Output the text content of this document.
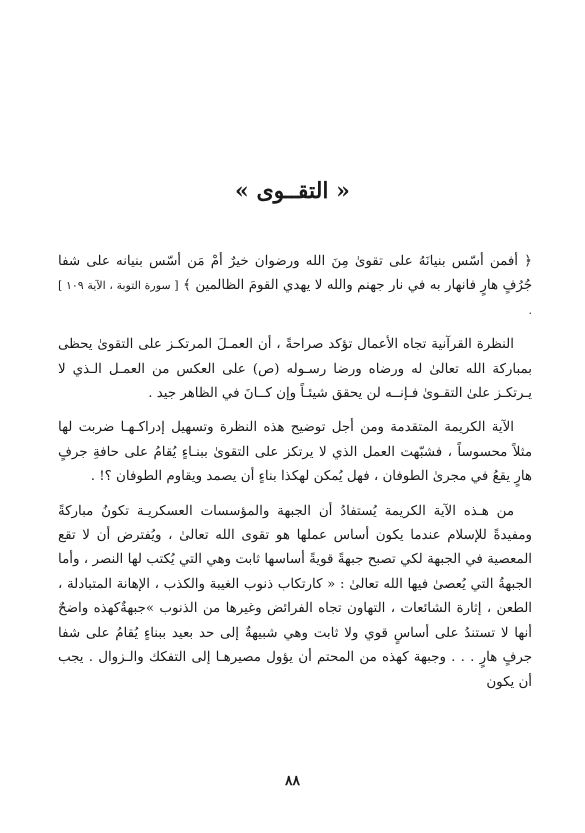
« التقــوى »

﴿ أفمن أسّس بنيانَهُ على تقوىٰ مِنَ الله ورضوان خيرٌ أمْ مَن أسّس بنيانه على شفا جُرُفٍ هارٍ فانهار به في نار جهنم والله لا يهدي القومَ الظالمين ﴾ [ سورة التوبة ، الآية ١٠٩ ] .

النظرة القرآنية تجاه الأعمال تؤكد صراحةً ، أن العمـلَ المرتكـز على التقوىٰ يحظى بمباركة الله تعالىٰ له ورضاه ورضا رسـوله (ص) على العكس من العمـل الـذي لا يـرتكـز علىٰ التقـوىٰ فـإنــه لن يحقق شيئـاً وإن كــانَ في الظاهر جيد .

الآية الكريمة المتقدمة ومن أجل توضيح هذه النظرة وتسهيل إدراكـهـا ضربت لها مثلاً محسوساً ، فشبّهت العمل الذي لا يرتكز على التقوىٰ ببنـاءٍ يُقامُ على حافةِ جرفٍ هارٍ يقعُ في مجرىٰ الطوفان ، فهل يُمكن لهكذا بناءٍ أن يصمد ويقاوم الطوفان ؟! .

من هـذه الآية الكريمة يُستفادُ أن الجبهة والمؤسسات العسكريـة تكونُ مباركةً ومفيدةً للإسلام عندما يكون أساس عملها هو تقوى الله تعالىٰ ، ويُفترض أن لا تقع المعصية في الجبهة لكي تصبح جبهةً قويةً أساسها ثابت وهي التي يُكتب لها النصر ، وأما الجبهةُ التي يُعصىٰ فيها الله تعالىٰ : « كارتكاب ذنوب الغيبة والكذب ، الإهانة المتبادلة ، الطعن ، إثارة الشائعات ، التهاون تجاه الفرائض وغيرها من الذنوب »جبهةٌكهذه واضحٌ أنها لا تستندُ على أساسٍ قوي ولا ثابت وهي شبيهةٌ إلى حد بعيد ببناءٍ يُقامُ على شفا جرفٍ هارٍ . . . وجبهة كهذه من المحتم أن يؤول مصيرهـا إلى التفكك والـزوال . يجب أن يكون

٨٨
